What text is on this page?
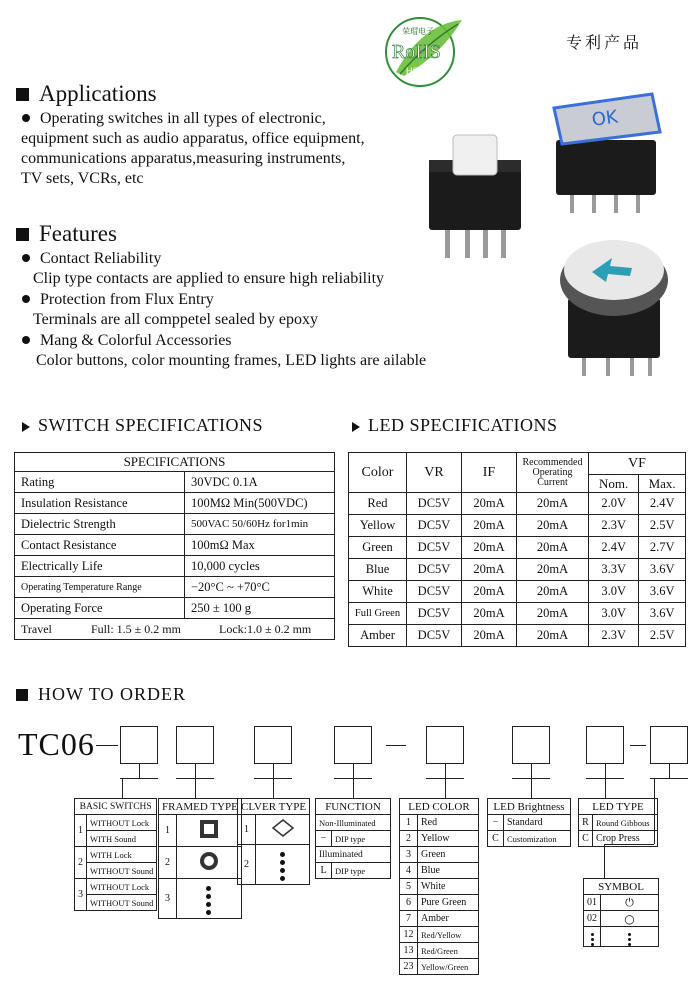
荣瑁电子
RoHS
HSF
专利产品
Applications
Operating switches in all types of electronic,
equipment such as audio apparatus, office equipment,
communications apparatus,measuring instruments,
TV sets, VCRs, etc
Features
Contact Reliability
Clip type contacts are applied to ensure high reliability
Protection from Flux Entry
Terminals are all comppetel sealed by epoxy
Mang & Colorful Accessories
Color buttons, color mounting frames, LED lights are ailable
OK
SWITCH SPECIFICATIONS	LED SPECIFICATIONS
SPECIFICATIONS	
Rating	30VDC 0.1A
Insulation Resistance	100MΩ Min(500VDC)
Dielectric Strength	500VAC 50/60Hz for1min
Contact Resistance	100mΩ Max
Electrically Life	10,000 cycles
Operating Temperature Range	−20°C ~ +70°C
Operating Force	250 ± 100 g
Travel Full: 1.5 ± 0.2 mm Lock:1.0 ± 0.2 mm	
Color	VR	IF	Recommended Operating Current	VF	
				Nom.	Max.
Red	DC5V	20mA	20mA	2.0V	2.4V
Yellow	DC5V	20mA	20mA	2.3V	2.5V
Green	DC5V	20mA	20mA	2.4V	2.7V
Blue	DC5V	20mA	20mA	3.3V	3.6V
White	DC5V	20mA	20mA	3.0V	3.6V
Full Green	DC5V	20mA	20mA	3.0V	3.6V
Amber	DC5V	20mA	20mA	2.3V	2.5V
HOW TO ORDER
TC06
BASIC SWITCHS	
1	WITHOUT Lock
	WITH Sound
2	WITH Lock
	WITHOUT Sound
3	WITHOUT Lock
	WITHOUT Sound
FRAMED TYPE	
1	
2	
3	
CLVER TYPE	
1	
2	
FUNCTION	
Non-Illuminated	
−	DIP type
Illuminated	
L	DIP type
LED COLOR	
1	Red
2	Yellow
3	Green
4	Blue
5	White
6	Pure Green
7	Amber
12	Red/Yellow
13	Red/Green
23	Yellow/Green
LED Brightness	
−	Standard
C	Customization
LED TYPE	
R	Round Gibbous
C	Crop Press
SYMBOL	
01	⏻
02	○
